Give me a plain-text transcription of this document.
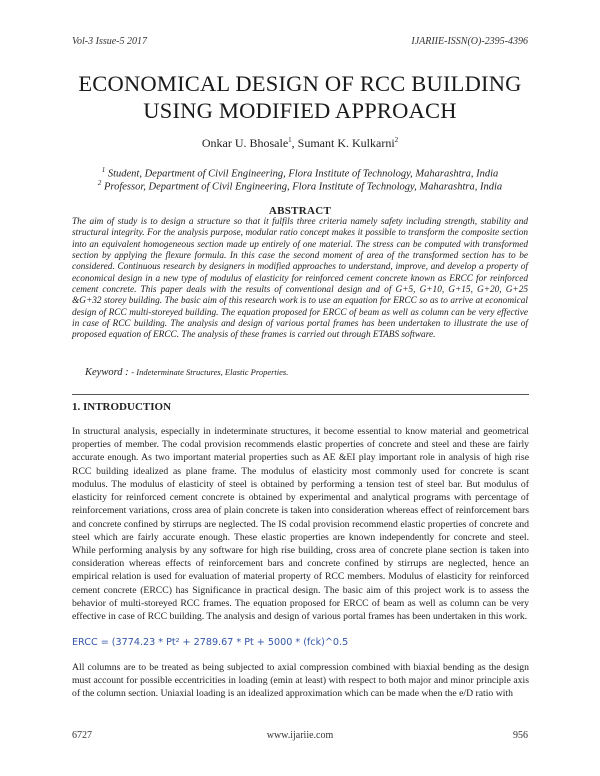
Vol-3 Issue-5 2017	IJARIIE-ISSN(O)-2395-4396
ECONOMICAL DESIGN OF RCC BUILDING
USING MODIFIED APPROACH
Onkar U. Bhosale$^1$, Sumant K. Kulkarni$^2$
$^1$ Student, Department of Civil Engineering, Flora Institute of Technology, Maharashtra, India
$^2$ Professor, Department of Civil Engineering, Flora Institute of Technology, Maharashtra, India
ABSTRACT
The aim of study is to design a structure so that it fulfils three criteria namely safety including strength, stability and structural integrity. For the analysis purpose, modular ratio concept makes it possible to transform the composite section into an equivalent homogeneous section made up entirely of one material. The stress can be computed with transformed section by applying the flexure formula. In this case the second moment of area of the transformed section has to be considered. Continuous research by designers in modified approaches to understand, improve, and develop a property of economical design in a new type of modulus of elasticity for reinforced cement concrete known as ERCC for reinforced cement concrete. This paper deals with the results of conventional design and of G+5, G+10, G+15, G+20, G+25 &G+32 storey building. The basic aim of this research work is to use an equation for ERCC so as to arrive at economical design of RCC multi-storeyed building. The equation proposed for ERCC of beam as well as column can be very effective in case of RCC building. The analysis and design of various portal frames has been undertaken to illustrate the use of proposed equation of ERCC. The analysis of these frames is carried out through ETABS software.
Keyword : - Indeterminate Structures, Elastic Properties.
1. INTRODUCTION
In structural analysis, especially in indeterminate structures, it become essential to know material and geometrical properties of member. The codal provision recommends elastic properties of concrete and steel and these are fairly accurate enough. As two important material properties such as AE &EI play important role in analysis of high rise RCC building idealized as plane frame. The modulus of elasticity most commonly used for concrete is scant modulus. The modulus of elasticity of steel is obtained by performing a tension test of steel bar. But modulus of elasticity for reinforced cement concrete is obtained by experimental and analytical programs with percentage of reinforcement variations, cross area of plain concrete is taken into consideration whereas effect of reinforcement bars and concrete confined by stirrups are neglected. The IS codal provision recommend elastic properties of concrete and steel which are fairly accurate enough. These elastic properties are known independently for concrete and steel. While performing analysis by any software for high rise building, cross area of concrete plane section is taken into consideration whereas effects of reinforcement bars and concrete confined by stirrups are neglected, hence an empirical relation is used for evaluation of material property of RCC members. Modulus of elasticity for reinforced cement concrete (ERCC) has Significance in practical design. The basic aim of this project work is to assess the behavior of multi-storeyed RCC frames. The equation proposed for ERCC of beam as well as column can be very effective in case of RCC building. The analysis and design of various portal frames has been undertaken in this work.
ERCC = (3774.23 * Pt² + 2789.67 * Pt + 5000 * (fck)^0.5
All columns are to be treated as being subjected to axial compression combined with biaxial bending as the design must account for possible eccentricities in loading (emin at least) with respect to both major and minor principle axis of the column section. Uniaxial loading is an idealized approximation which can be made when the e/D ratio with
6727	www.ijariie.com	956
